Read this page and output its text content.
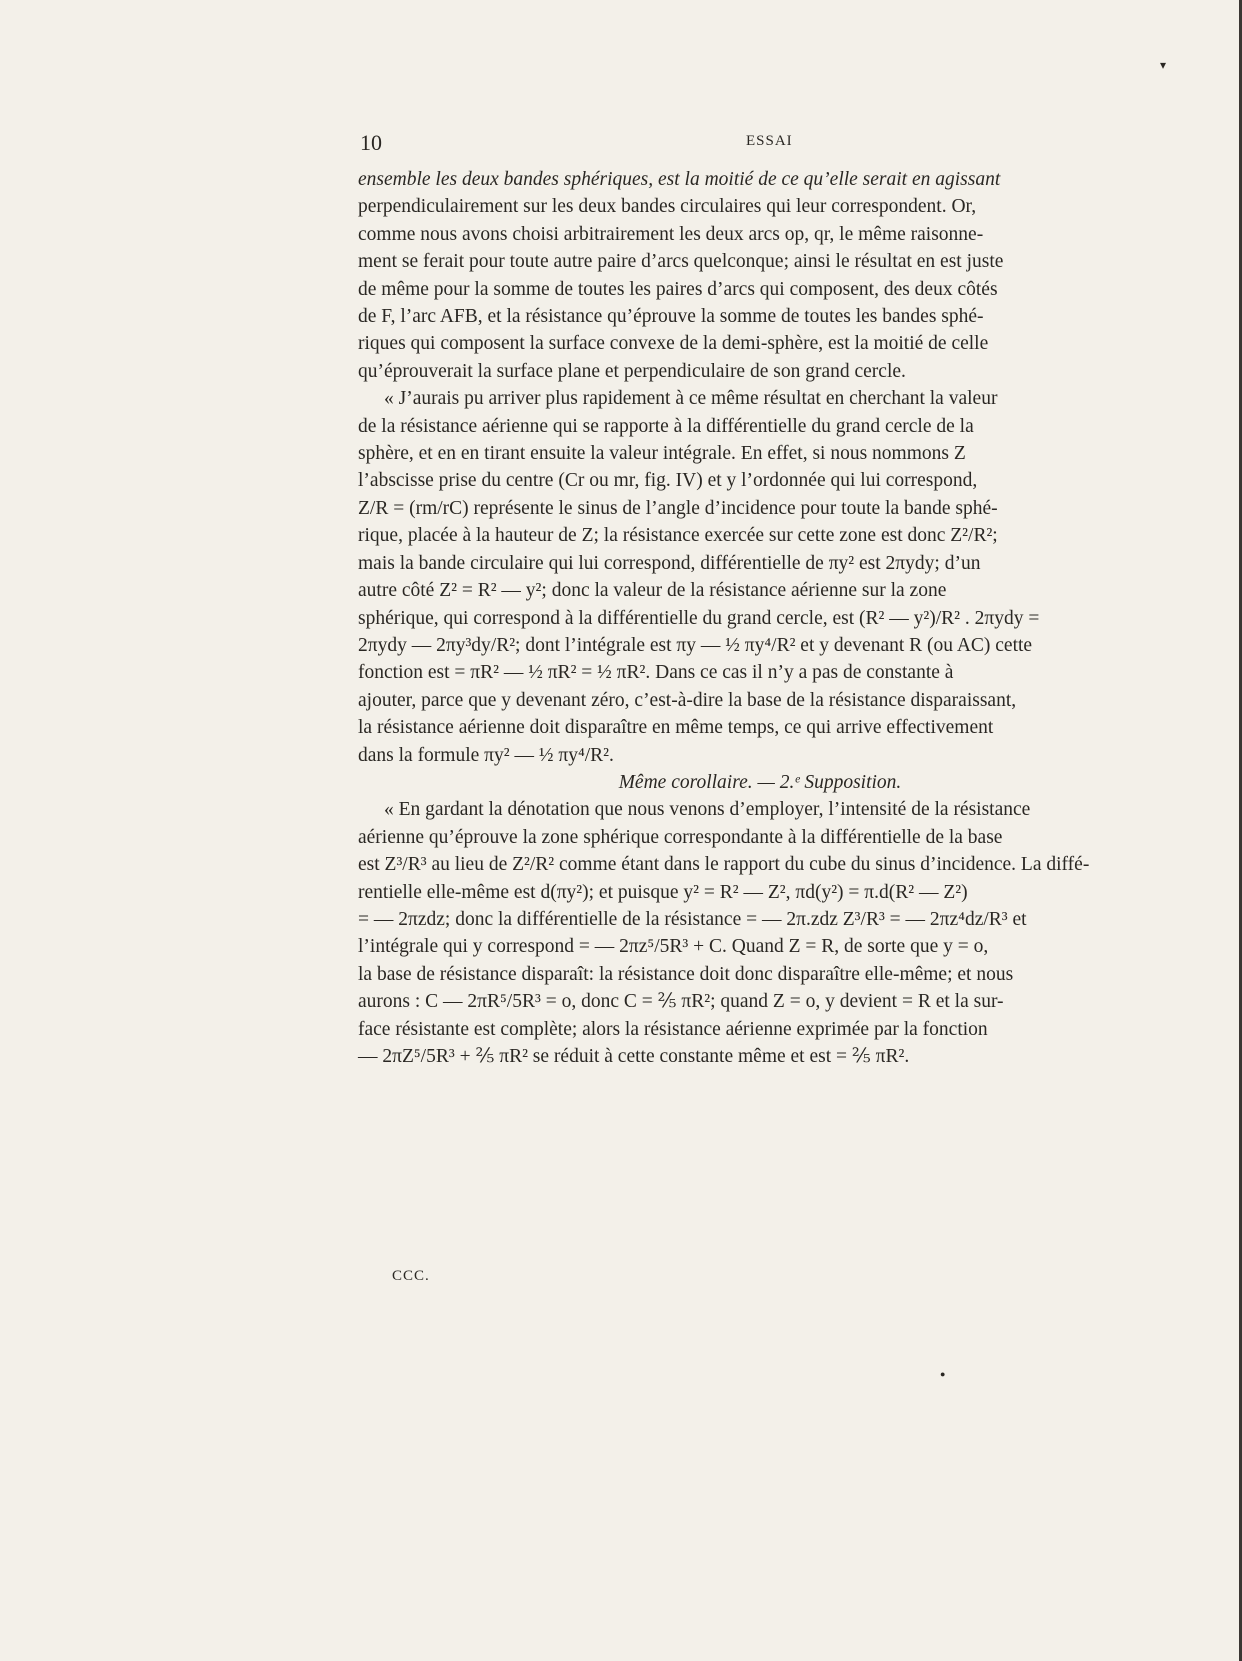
▾
10	ESSAI

ensemble les deux bandes sphériques, est la moitié de ce qu’elle serait en agissant
perpendiculairement sur les deux bandes circulaires qui leur correspondent. Or,
comme nous avons choisi arbitrairement les deux arcs op, qr, le même raisonne-
ment se ferait pour toute autre paire d’arcs quelconque; ainsi le résultat en est juste
de même pour la somme de toutes les paires d’arcs qui composent, des deux côtés
de F, l’arc AFB, et la résistance qu’éprouve la somme de toutes les bandes sphé-
riques qui composent la surface convexe de la demi-sphère, est la moitié de celle
qu’éprouverait la surface plane et perpendiculaire de son grand cercle.

« J’aurais pu arriver plus rapidement à ce même résultat en cherchant la valeur
de la résistance aérienne qui se rapporte à la différentielle du grand cercle de la
sphère, et en en tirant ensuite la valeur intégrale. En effet, si nous nommons Z
l’abscisse prise du centre (Cr ou mr, fig. IV) et y l’ordonnée qui lui correspond,
Z/R = (rm/rC) représente le sinus de l’angle d’incidence pour toute la bande sphé-
rique, placée à la hauteur de Z; la résistance exercée sur cette zone est donc Z²/R²;
mais la bande circulaire qui lui correspond, différentielle de πy² est 2πydy; d’un
autre côté Z² = R² — y²; donc la valeur de la résistance aérienne sur la zone
sphérique, qui correspond à la différentielle du grand cercle, est (R² — y²)/R² . 2πydy =
2πydy — 2πy³dy/R²; dont l’intégrale est πy — ½ πy⁴/R² et y devenant R (ou AC) cette
fonction est = πR² — ½ πR² = ½ πR². Dans ce cas il n’y a pas de constante à
ajouter, parce que y devenant zéro, c’est-à-dire la base de la résistance disparaissant,
la résistance aérienne doit disparaître en même temps, ce qui arrive effectivement
dans la formule πy² — ½ πy⁴/R².

Même corollaire. — 2.ᵉ Supposition.

« En gardant la dénotation que nous venons d’employer, l’intensité de la résistance
aérienne qu’éprouve la zone sphérique correspondante à la différentielle de la base
est Z³/R³ au lieu de Z²/R² comme étant dans le rapport du cube du sinus d’incidence. La diffé-
rentielle elle-même est d(πy²); et puisque y² = R² — Z², πd(y²) = π.d(R² — Z²)
= — 2πzdz; donc la différentielle de la résistance = — 2π.zdz Z³/R³ = — 2πz⁴dz/R³ et
l’intégrale qui y correspond = — 2πz⁵/5R³ + C. Quand Z = R, de sorte que y = o,
la base de résistance disparaît: la résistance doit donc disparaître elle-même; et nous
aurons : C — 2πR⁵/5R³ = o, donc C = ⅖ πR²; quand Z = o, y devient = R et la sur-
face résistante est complète; alors la résistance aérienne exprimée par la fonction
— 2πZ⁵/5R³ + ⅖ πR² se réduit à cette constante même et est = ⅖ πR².

CCC.
●
